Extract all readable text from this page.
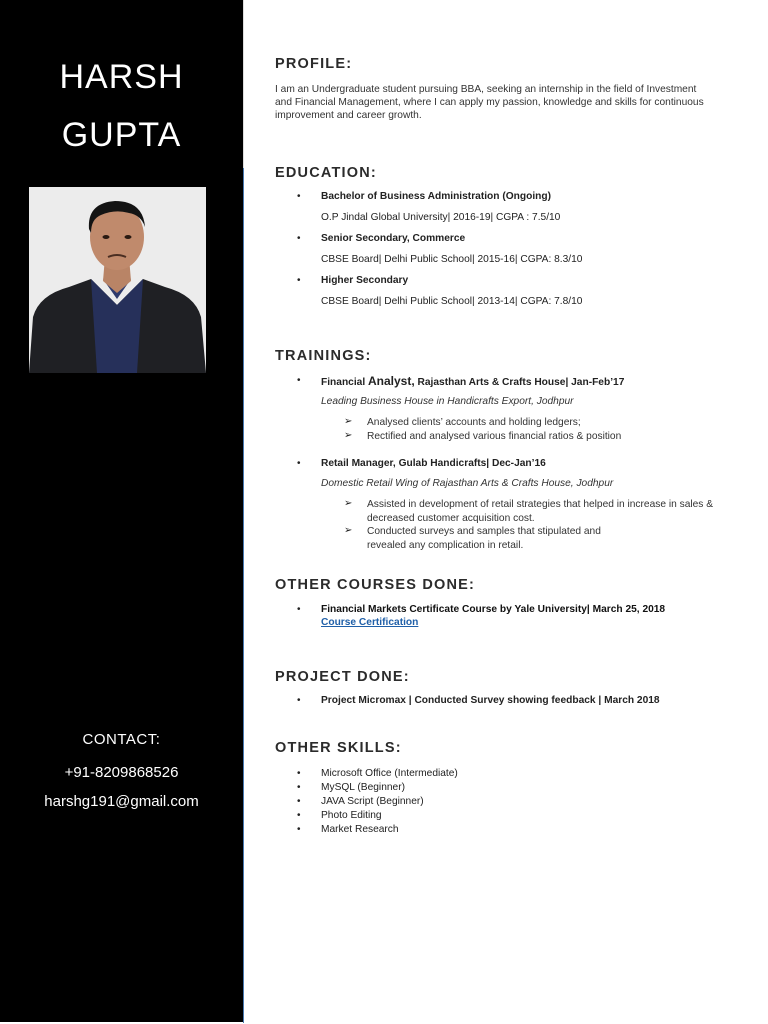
HARSH
GUPTA
CONTACT:
+91-8209868526
harshg191@gmail.com
PROFILE:
I am an Undergraduate student pursuing BBA, seeking an internship in the field of Investment and Financial Management, where I can apply my passion, knowledge and skills for continuous improvement and career growth.
EDUCATION:
• Bachelor of Business Administration (Ongoing)
O.P Jindal Global University| 2016-19| CGPA : 7.5/10
• Senior Secondary, Commerce
CBSE Board| Delhi Public School| 2015-16| CGPA: 8.3/10
• Higher Secondary
CBSE Board| Delhi Public School| 2013-14| CGPA: 7.8/10
TRAININGS:
• Financial Analyst, Rajasthan Arts & Crafts House| Jan-Feb’17
Leading Business House in Handicrafts Export, Jodhpur
➢ Analysed clients’ accounts and holding ledgers;
➢ Rectified and analysed various financial ratios & position
• Retail Manager, Gulab Handicrafts| Dec-Jan’16
Domestic Retail Wing of Rajasthan Arts & Crafts House, Jodhpur
➢ Assisted in development of retail strategies that helped in increase in sales & decreased customer acquisition cost.
➢ Conducted surveys and samples that stipulated and revealed any complication in retail.
OTHER COURSES DONE:
• Financial Markets Certificate Course by Yale University| March 25, 2018
Course Certification
PROJECT DONE:
• Project Micromax | Conducted Survey showing feedback | March 2018
OTHER SKILLS:
• Microsoft Office (Intermediate)
• MySQL (Beginner)
• JAVA Script (Beginner)
• Photo Editing
• Market Research
